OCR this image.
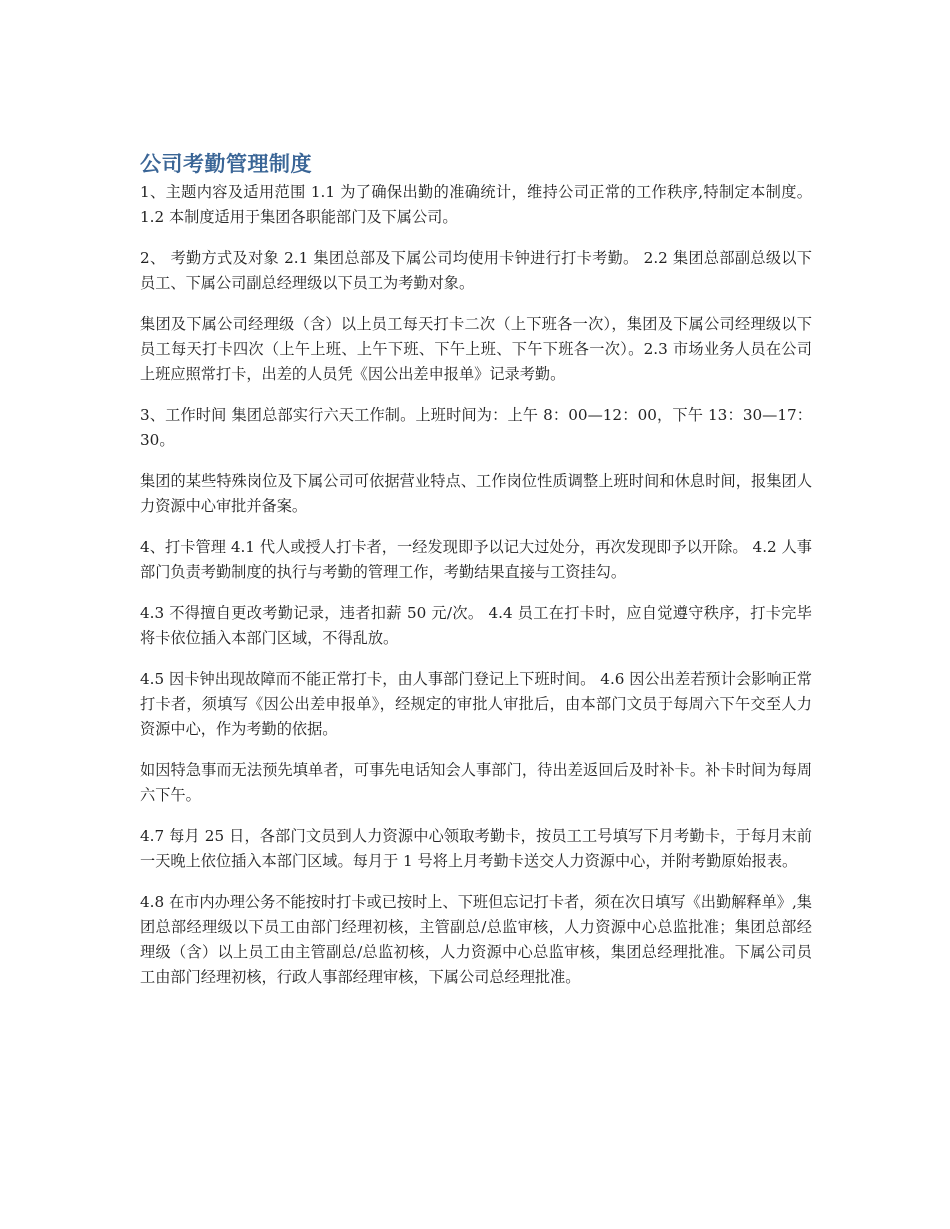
公司考勤管理制度

1、主题内容及适用范围 1.1 为了确保出勤的准确统计，维持公司正常的工作秩序,特制定本制度。 1.2 本制度适用于集团各职能部门及下属公司。

2、 考勤方式及对象 2.1 集团总部及下属公司均使用卡钟进行打卡考勤。 2.2 集团总部副总级以下员工、下属公司副总经理级以下员工为考勤对象。

集团及下属公司经理级（含）以上员工每天打卡二次（上下班各一次），集团及下属公司经理级以下员工每天打卡四次（上午上班、上午下班、下午上班、下午下班各一次）。2.3 市场业务人员在公司上班应照常打卡，出差的人员凭《因公出差申报单》记录考勤。

3、工作时间 集团总部实行六天工作制。上班时间为：上午 8：00—12：00，下午 13：30—17：30。

集团的某些特殊岗位及下属公司可依据营业特点、工作岗位性质调整上班时间和休息时间，报集团人力资源中心审批并备案。

4、打卡管理 4.1 代人或授人打卡者，一经发现即予以记大过处分，再次发现即予以开除。 4.2 人事部门负责考勤制度的执行与考勤的管理工作，考勤结果直接与工资挂勾。

4.3 不得擅自更改考勤记录，违者扣薪 50 元/次。 4.4 员工在打卡时，应自觉遵守秩序，打卡完毕将卡依位插入本部门区域，不得乱放。

4.5 因卡钟出现故障而不能正常打卡，由人事部门登记上下班时间。 4.6 因公出差若预计会影响正常打卡者，须填写《因公出差申报单》，经规定的审批人审批后，由本部门文员于每周六下午交至人力资源中心，作为考勤的依据。

如因特急事而无法预先填单者，可事先电话知会人事部门，待出差返回后及时补卡。补卡时间为每周六下午。

4.7 每月 25 日，各部门文员到人力资源中心领取考勤卡，按员工工号填写下月考勤卡，于每月末前一天晚上依位插入本部门区域。每月于 1 号将上月考勤卡送交人力资源中心，并附考勤原始报表。

4.8 在市内办理公务不能按时打卡或已按时上、下班但忘记打卡者，须在次日填写《出勤解释单》,集团总部经理级以下员工由部门经理初核，主管副总/总监审核，人力资源中心总监批准；集团总部经理级（含）以上员工由主管副总/总监初核，人力资源中心总监审核，集团总经理批准。下属公司员工由部门经理初核，行政人事部经理审核，下属公司总经理批准。
